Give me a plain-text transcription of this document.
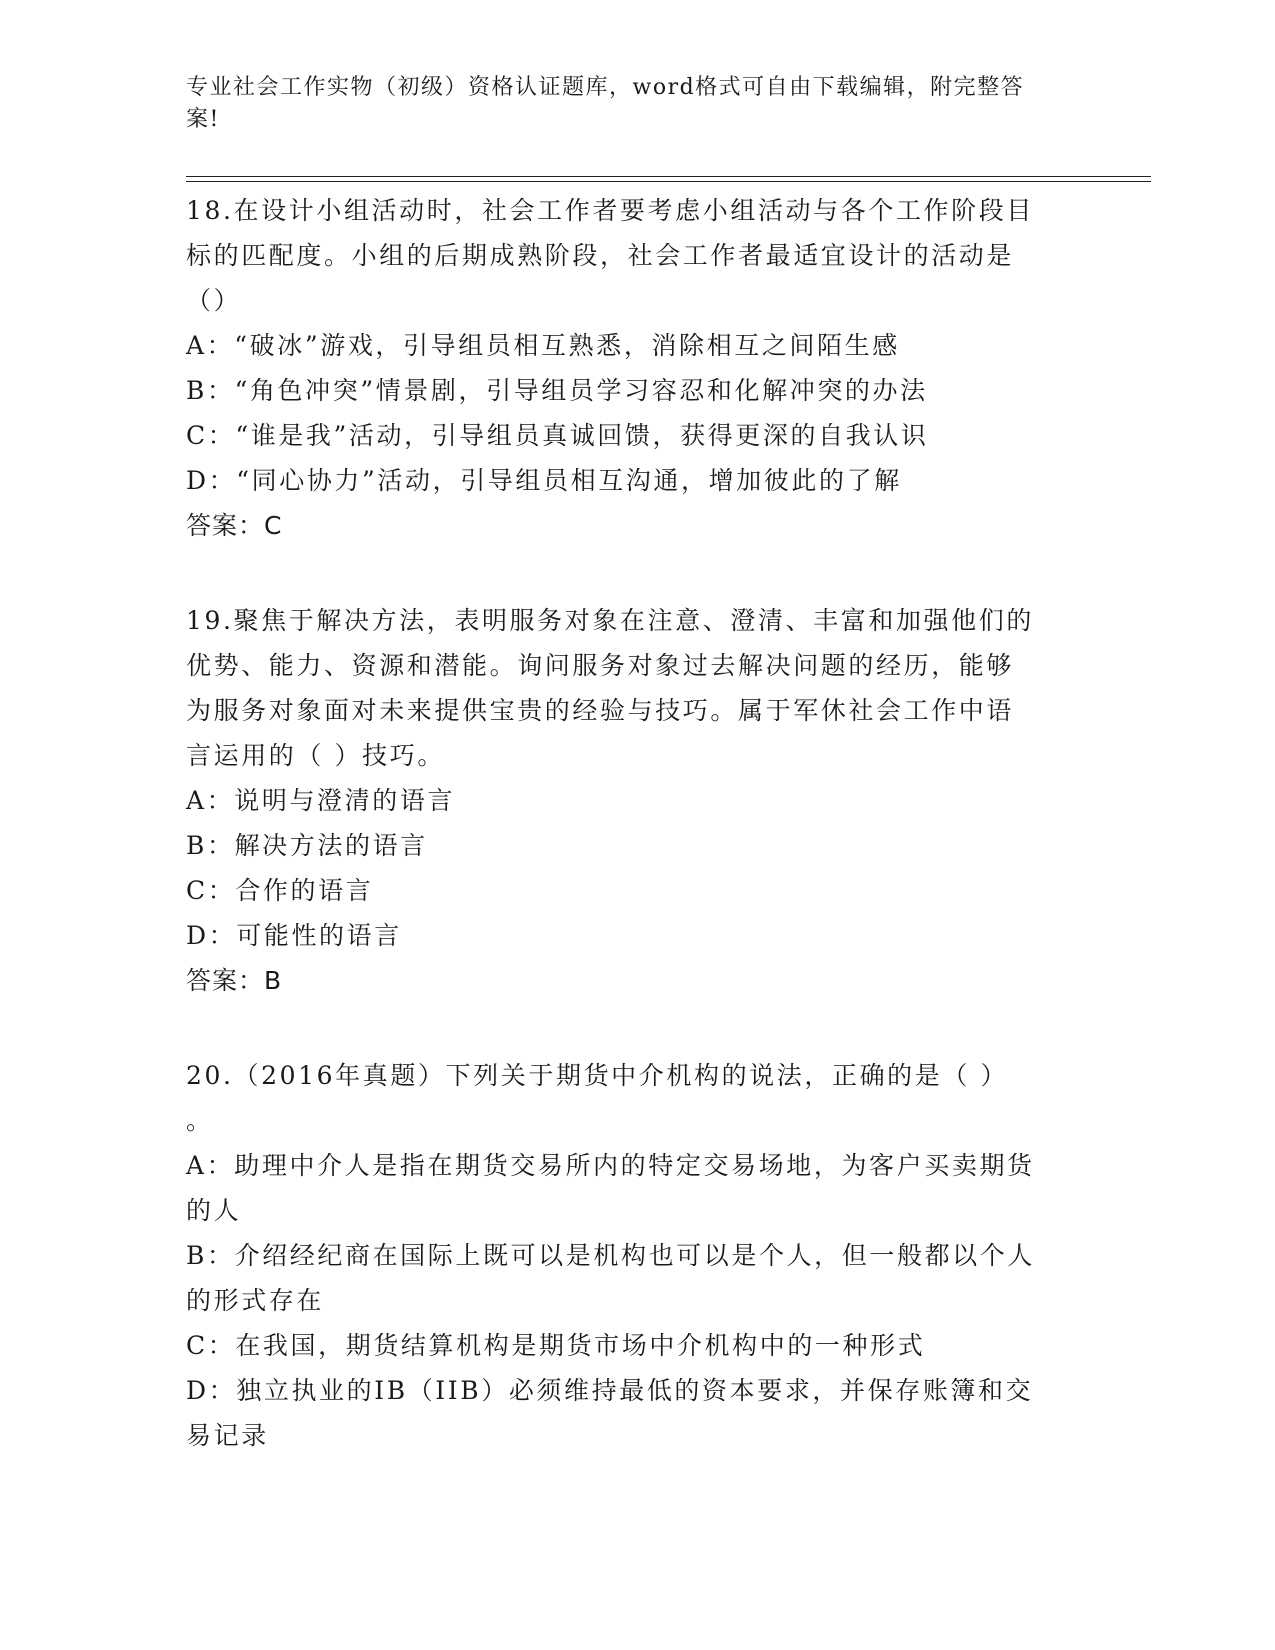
专业社会工作实物（初级）资格认证题库，word格式可自由下载编辑，附完整答
案!
18.在设计小组活动时，社会工作者要考虑小组活动与各个工作阶段目
标的匹配度。小组的后期成熟阶段，社会工作者最适宜设计的活动是
（）
A：“破冰”游戏，引导组员相互熟悉，消除相互之间陌生感
B：“角色冲突”情景剧，引导组员学习容忍和化解冲突的办法
C：“谁是我”活动，引导组员真诚回馈，获得更深的自我认识
D：“同心协力”活动，引导组员相互沟通，增加彼此的了解
答案：C
19.聚焦于解决方法，表明服务对象在注意、澄清、丰富和加强他们的
优势、能力、资源和潜能。询问服务对象过去解决问题的经历，能够
为服务对象面对未来提供宝贵的经验与技巧。属于军休社会工作中语
言运用的（ ）技巧。
A：说明与澄清的语言
B：解决方法的语言
C：合作的语言
D：可能性的语言
答案：B
20.（2016年真题）下列关于期货中介机构的说法，正确的是（ ）
。
A：助理中介人是指在期货交易所内的特定交易场地，为客户买卖期货
的人
B：介绍经纪商在国际上既可以是机构也可以是个人，但一般都以个人
的形式存在
C：在我国，期货结算机构是期货市场中介机构中的一种形式
D：独立执业的IB（IIB）必须维持最低的资本要求，并保存账簿和交
易记录
